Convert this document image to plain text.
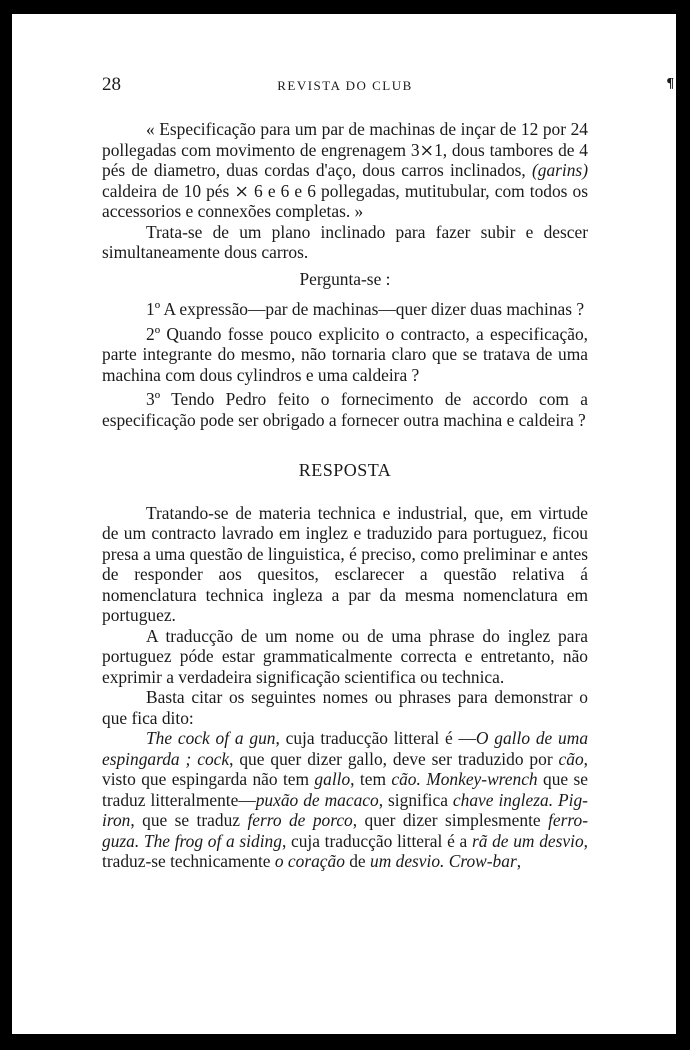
28	REVISTA DO CLUB	¶

« Especificação para um par de machinas de inçar de 12 por 24 pollegadas com movimento de engrenagem 3⨯1, dous tambores de 4 pés de diametro, duas cordas d'aço, dous carros inclinados, (garins) caldeira de 10 pés ⨯ 6 e 6 e 6 pollegadas, mutitubular, com todos os accessorios e connexões completas. »

Trata-se de um plano inclinado para fazer subir e descer simultaneamente dous carros.

Pergunta-se :

1º A expressão—par de machinas—quer dizer duas machinas ?

2º Quando fosse pouco explicito o contracto, a especificação, parte integrante do mesmo, não tornaria claro que se tratava de uma machina com dous cylindros e uma caldeira ?

3º Tendo Pedro feito o fornecimento de accordo com a especificação pode ser obrigado a fornecer outra machina e caldeira ?

RESPOSTA

Tratando-se de materia technica e industrial, que, em virtude de um contracto lavrado em inglez e traduzido para portuguez, ficou presa a uma questão de linguistica, é preciso, como preliminar e antes de responder aos quesitos, esclarecer a questão relativa á nomenclatura technica ingleza a par da mesma nomenclatura em portuguez.

A traducção de um nome ou de uma phrase do inglez para portuguez póde estar grammaticalmente correcta e entretanto, não exprimir a verdadeira significação scientifica ou technica.

Basta citar os seguintes nomes ou phrases para demonstrar o que fica dito:

The cock of a gun, cuja traducção litteral é —O gallo de uma espingarda ; cock, que quer dizer gallo, deve ser traduzido por cão, visto que espingarda não tem gallo, tem cão. Monkey-wrench que se traduz litteralmente—puxão de macaco, significa chave ingleza. Pig-iron, que se traduz ferro de porco, quer dizer simplesmente ferro-guza. The frog of a siding, cuja traducção litteral é a rã de um desvio, traduz-se technicamente o coração de um desvio. Crow-bar,
